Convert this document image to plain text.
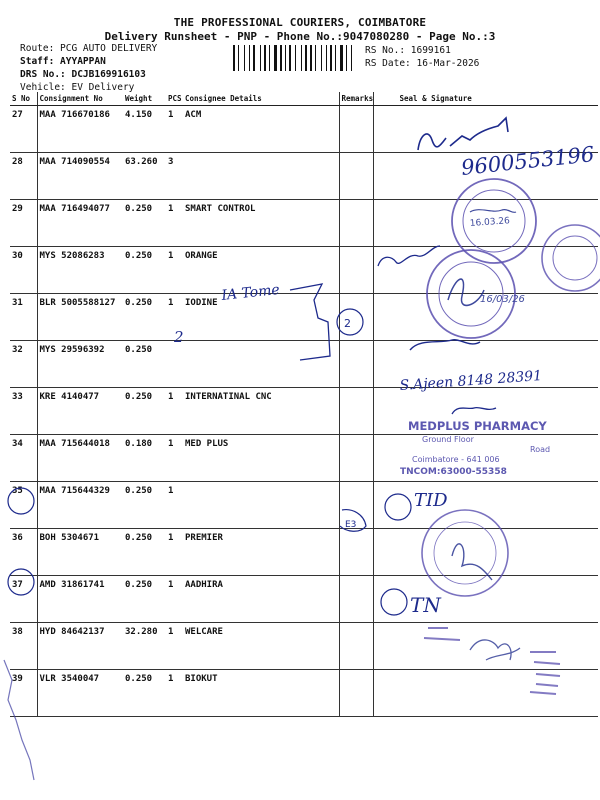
THE PROFESSIONAL COURIERS, COIMBATORE
Delivery Runsheet - PNP - Phone No.:9047080280 - Page No.:3
Route: PCG AUTO DELIVERY
Staff: AYYAPPAN
DRS No.: DCJB169916103
Vehicle: EV Delivery
RS No.: 1699161
RS Date: 16-Mar-2026
S No	Consignment No	Weight	PCS	Consignee Details	Remarks	Seal & Signature
27	MAA 716670186	4.150	1	ACM		
28	MAA 714090554	63.260	3			
29	MAA 716494077	0.250	1	SMART CONTROL		
30	MYS 52086283	0.250	1	ORANGE		
31	BLR 5005588127	0.250	1	IODINE		
32	MYS 29596392	0.250				
33	KRE 4140477	0.250	1	INTERNATINAL CNC		
34	MAA 715644018	0.180	1	MED PLUS		
35	MAA 715644329	0.250	1			
36	BOH 5304671	0.250	1	PREMIER		
37	AMD 31861741	0.250	1	AADHIRA		
38	HYD 84642137	32.280	1	WELCARE		
39	VLR 3540047	0.250	1	BIOKUT		
9600553196
16.03.26
16/03/26
IA Tome
2
2
S.Ajeen 8148 28391
MEDPLUS PHARMACY
Ground Floor
Road
Coimbatore - 641 006
TNCOM:63000-55358
TID
E3
TN
